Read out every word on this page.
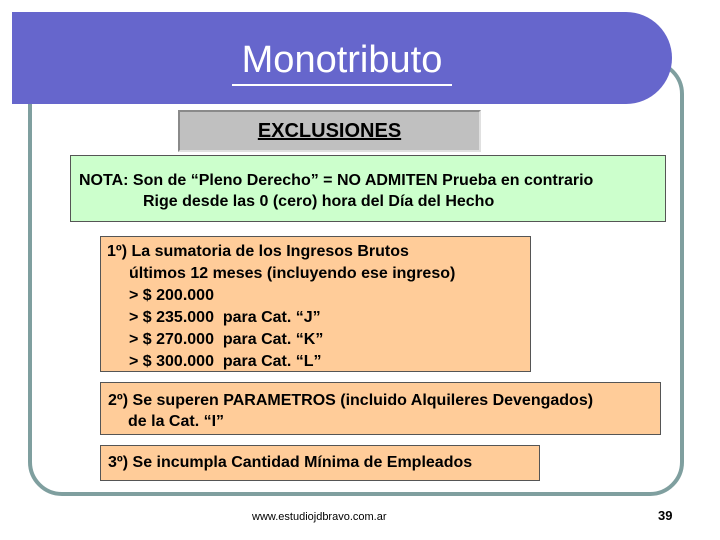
Monotributo
EXCLUSIONES
NOTA: Son de “Pleno Derecho” = NO ADMITEN Prueba en contrario
Rige desde las 0 (cero) hora del Día del Hecho
1º) La sumatoria de los Ingresos Brutos
últimos 12 meses (incluyendo ese ingreso)
> $ 200.000
> $ 235.000  para Cat. “J”
> $ 270.000  para Cat. “K”
> $ 300.000  para Cat. “L”
2º) Se superen PARAMETROS (incluido Alquileres Devengados)
de la Cat. “I”
3º) Se incumpla Cantidad Mínima de Empleados
www.estudiojdbravo.com.ar	39
